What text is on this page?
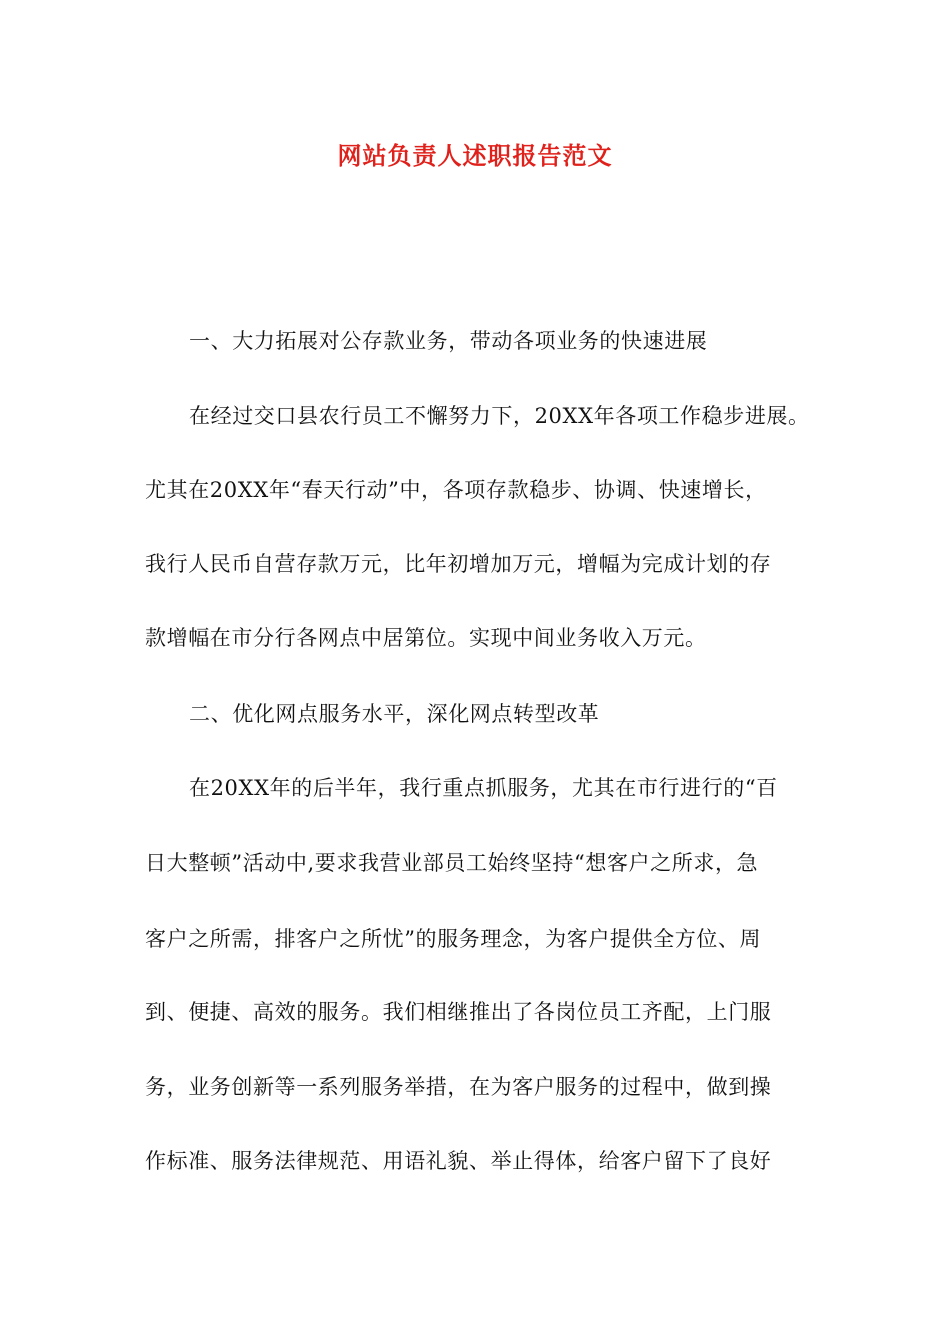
网站负责人述职报告范文
一、大力拓展对公存款业务，带动各项业务的快速进展
在经过交口县农行员工不懈努力下，20XX年各项工作稳步进展。
尤其在20XX年“春天行动”中，各项存款稳步、协调、快速增长，
我行人民币自营存款万元，比年初增加万元，增幅为完成计划的存
款增幅在市分行各网点中居第位。实现中间业务收入万元。
二、优化网点服务水平，深化网点转型改革
在20XX年的后半年，我行重点抓服务，尤其在市行进行的“百
日大整顿”活动中,要求我营业部员工始终坚持“想客户之所求，急
客户之所需，排客户之所忧”的服务理念，为客户提供全方位、周
到、便捷、高效的服务。我们相继推出了各岗位员工齐配，上门服
务，业务创新等一系列服务举措，在为客户服务的过程中，做到操
作标准、服务法律规范、用语礼貌、举止得体，给客户留下了良好
